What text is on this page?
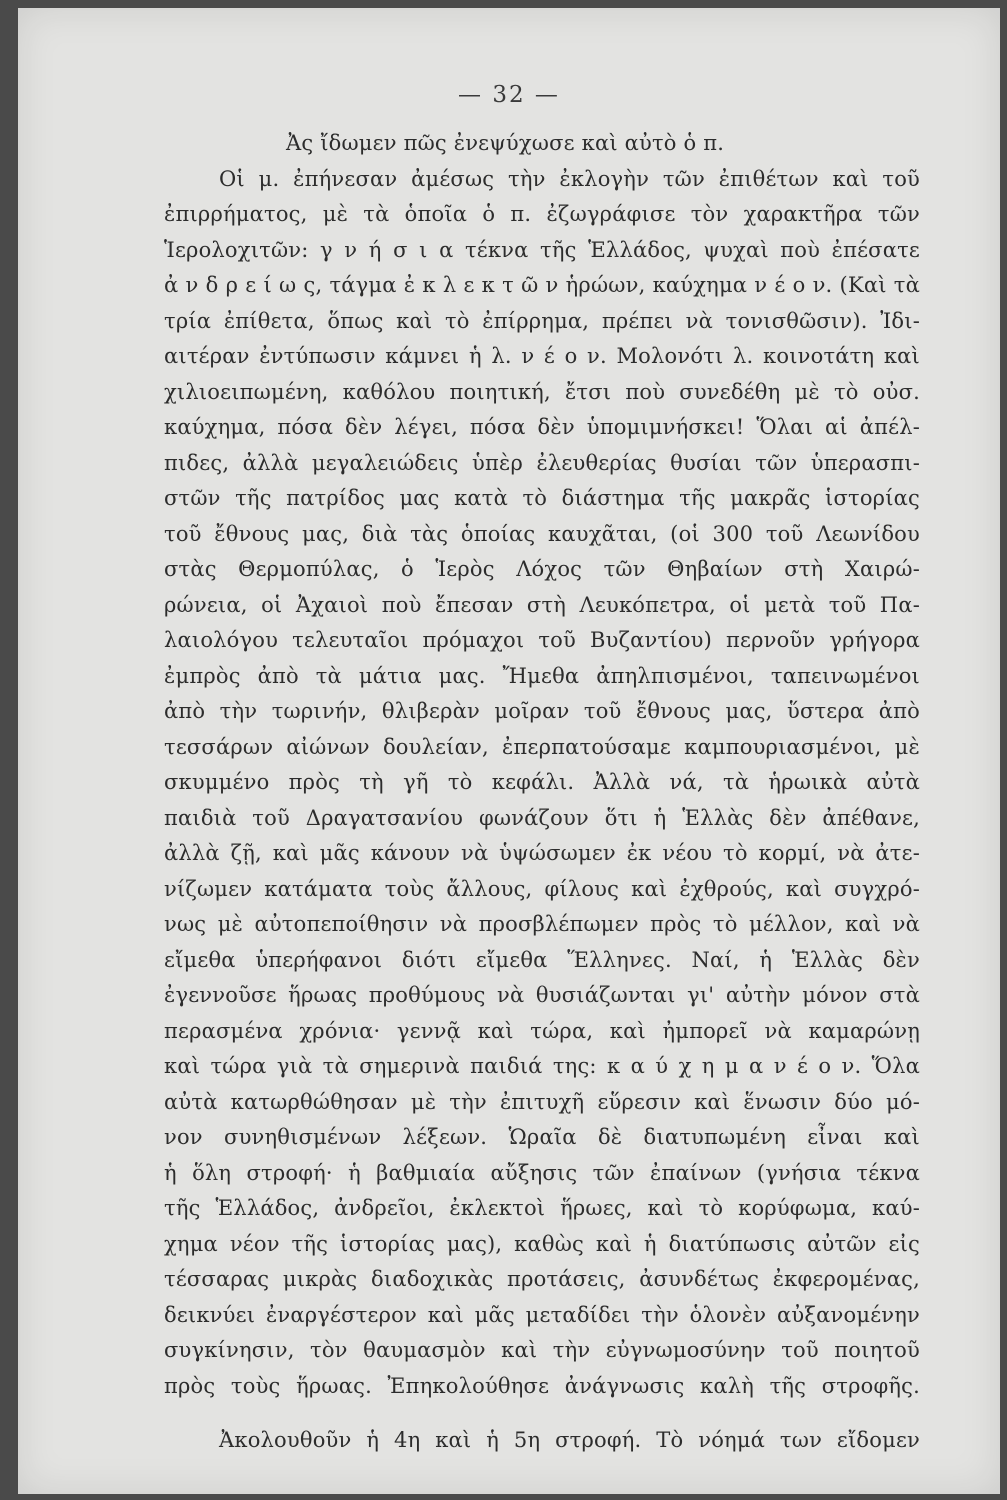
— 32 —
Ἀς ἴδωμεν πῶς ἐνεψύχωσε καὶ αὐτὸ ὁ π.
Οἱ μ. ἐπήνεσαν ἀμέσως τὴν ἐκλογὴν τῶν ἐπιθέτων καὶ τοῦ
ἐπιρρήματος, μὲ τὰ ὁποῖα ὁ π. ἐζωγράφισε τὸν χαρακτῆρα τῶν
Ἱερολοχιτῶν: γ ν ή σ ι α τέκνα τῆς Ἑλλάδος, ψυχαὶ ποὺ ἐπέσατε
ἀ ν δ ρ ε ί ω ς, τάγμα ἐ κ λ ε κ τ ῶ ν ἡρώων, καύχημα ν έ ο ν. (Καὶ τὰ
τρία ἐπίθετα, ὅπως καὶ τὸ ἐπίρρημα, πρέπει νὰ τονισθῶσιν). Ἰδι-
αιτέραν ἐντύπωσιν κάμνει ἡ λ. ν έ ο ν. Μολονότι λ. κοινοτάτη καὶ
χιλιοειπωμένη, καθόλου ποιητική, ἔτσι ποὺ συνεδέθη μὲ τὸ οὐσ.
καύχημα, πόσα δὲν λέγει, πόσα δὲν ὑπομιμνήσκει! Ὅλαι αἱ ἀπέλ-
πιδες, ἀλλὰ μεγαλειώδεις ὑπὲρ ἐλευθερίας θυσίαι τῶν ὑπερασπι-
στῶν τῆς πατρίδος μας κατὰ τὸ διάστημα τῆς μακρᾶς ἱστορίας
τοῦ ἔθνους μας, διὰ τὰς ὁποίας καυχᾶται, (οἱ 300 τοῦ Λεωνίδου
στὰς Θερμοπύλας, ὁ Ἱερὸς Λόχος τῶν Θηβαίων στὴ Χαιρώ-
ρώνεια, οἱ Ἀχαιοὶ ποὺ ἔπεσαν στὴ Λευκόπετρα, οἱ μετὰ τοῦ Πα-
λαιολόγου τελευταῖοι πρόμαχοι τοῦ Βυζαντίου) περνοῦν γρήγορα
ἐμπρὸς ἀπὸ τὰ μάτια μας. Ἤμεθα ἀπηλπισμένοι, ταπεινωμένοι
ἀπὸ τὴν τωρινήν, θλιβερὰν μοῖραν τοῦ ἔθνους μας, ὕστερα ἀπὸ
τεσσάρων αἰώνων δουλείαν, ἐπερπατούσαμε καμπουριασμένοι, μὲ
σκυμμένο πρὸς τὴ γῆ τὸ κεφάλι. Ἀλλὰ νά, τὰ ἡρωικὰ αὐτὰ
παιδιὰ τοῦ Δραγατσανίου φωνάζουν ὅτι ἡ Ἑλλὰς δὲν ἀπέθανε,
ἀλλὰ ζῇ, καὶ μᾶς κάνουν νὰ ὑψώσωμεν ἐκ νέου τὸ κορμί, νὰ ἀτε-
νίζωμεν κατάματα τοὺς ἄλλους, φίλους καὶ ἐχθρούς, καὶ συγχρό-
νως μὲ αὐτοπεποίθησιν νὰ προσβλέπωμεν πρὸς τὸ μέλλον, καὶ νὰ
εἴμεθα ὑπερήφανοι διότι εἴμεθα Ἕλληνες. Ναί, ἡ Ἑλλὰς δὲν
ἐγεννοῦσε ἥρωας προθύμους νὰ θυσιάζωνται γι' αὐτὴν μόνον στὰ
περασμένα χρόνια· γεννᾷ καὶ τώρα, καὶ ἠμπορεῖ νὰ καμαρώνῃ
καὶ τώρα γιὰ τὰ σημερινὰ παιδιά της: κ α ύ χ η μ α ν έ ο ν. Ὅλα
αὐτὰ κατωρθώθησαν μὲ τὴν ἐπιτυχῆ εὕρεσιν καὶ ἕνωσιν δύο μό-
νον συνηθισμένων λέξεων. Ὡραῖα δὲ διατυπωμένη εἶναι καὶ
ἡ ὅλη στροφή· ἡ βαθμιαία αὔξησις τῶν ἐπαίνων (γνήσια τέκνα
τῆς Ἑλλάδος, ἀνδρεῖοι, ἐκλεκτοὶ ἥρωες, καὶ τὸ κορύφωμα, καύ-
χημα νέον τῆς ἱστορίας μας), καθὼς καὶ ἡ διατύπωσις αὐτῶν εἰς
τέσσαρας μικρὰς διαδοχικὰς προτάσεις, ἀσυνδέτως ἐκφερομένας,
δεικνύει ἐναργέστερον καὶ μᾶς μεταδίδει τὴν ὁλονὲν αὐξανομένην
συγκίνησιν, τὸν θαυμασμὸν καὶ τὴν εὐγνωμοσύνην τοῦ ποιητοῦ
πρὸς τοὺς ἥρωας. Ἐπηκολούθησε ἀνάγνωσις καλὴ τῆς στροφῆς.
Ἀκολουθοῦν ἡ 4η καὶ ἡ 5η στροφή. Τὸ νόημά των εἴδομεν
